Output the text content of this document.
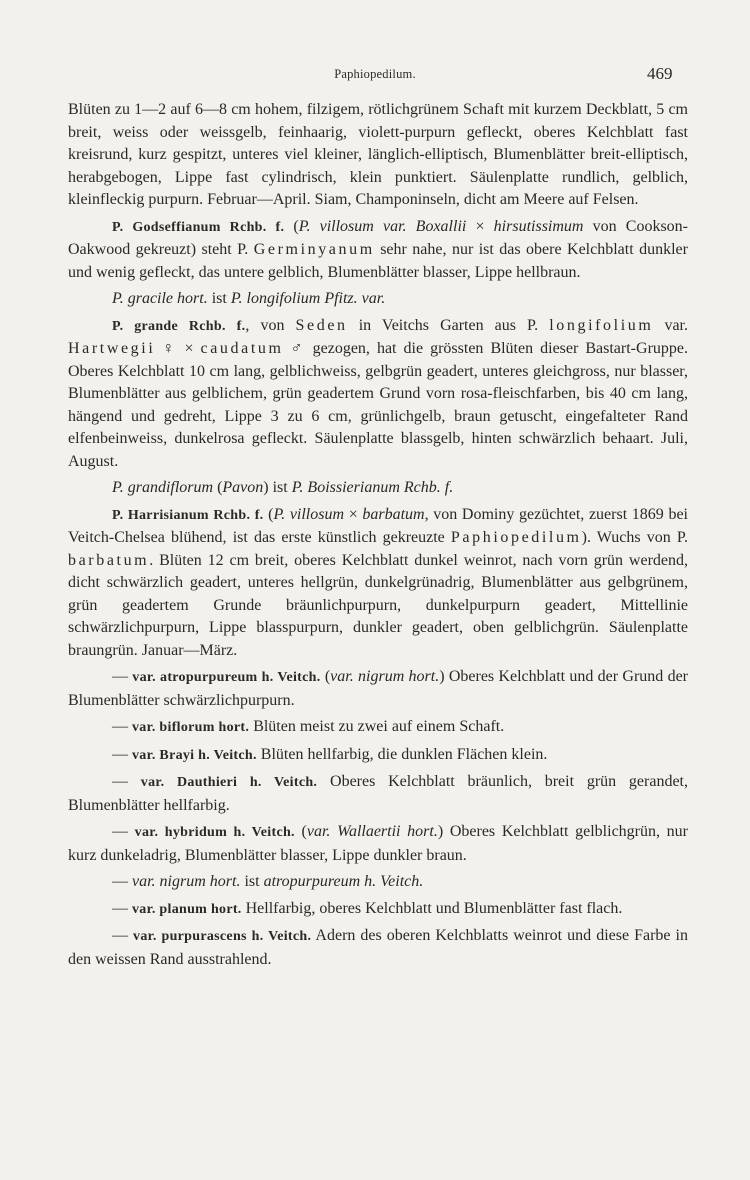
Paphiopedilum.	469

Blüten zu 1—2 auf 6—8 cm hohem, filzigem, rötlichgrünem Schaft mit kurzem Deckblatt, 5 cm breit, weiss oder weissgelb, feinhaarig, violett-purpurn gefleckt, oberes Kelchblatt fast kreisrund, kurz gespitzt, unteres viel kleiner, länglich-elliptisch, Blumenblätter breit-elliptisch, herabgebogen, Lippe fast cylindrisch, klein punktiert. Säulenplatte rundlich, gelblich, kleinfleckig purpurn. Februar—April. Siam, Champoninseln, dicht am Meere auf Felsen.

P. Godseffianum Rchb. f. (P. villosum var. Boxallii × hirsutissimum von Cookson-Oakwood gekreuzt) steht P. Germinyanum sehr nahe, nur ist das obere Kelchblatt dunkler und wenig gefleckt, das untere gelblich, Blumenblätter blasser, Lippe hellbraun.

P. gracile hort. ist P. longifolium Pfitz. var.

P. grande Rchb. f., von Seden in Veitchs Garten aus P. longifolium var. Hartwegii ♀ × caudatum ♂ gezogen, hat die grössten Blüten dieser Bastart-Gruppe. Oberes Kelchblatt 10 cm lang, gelblichweiss, gelbgrün geadert, unteres gleichgross, nur blasser, Blumenblätter aus gelblichem, grün geadertem Grund vorn rosa-fleischfarben, bis 40 cm lang, hängend und gedreht, Lippe 3 zu 6 cm, grünlichgelb, braun getuscht, eingefalteter Rand elfenbeinweiss, dunkelrosa gefleckt. Säulenplatte blassgelb, hinten schwärzlich behaart. Juli, August.

P. grandiflorum (Pavon) ist P. Boissierianum Rchb. f.

P. Harrisianum Rchb. f. (P. villosum × barbatum, von Dominy gezüchtet, zuerst 1869 bei Veitch-Chelsea blühend, ist das erste künstlich gekreuzte Paphiopedilum). Wuchs von P. barbatum. Blüten 12 cm breit, oberes Kelchblatt dunkel weinrot, nach vorn grün werdend, dicht schwärzlich geadert, unteres hellgrün, dunkelgrünadrig, Blumenblätter aus gelbgrünem, grün geadertem Grunde bräunlichpurpurn, dunkelpurpurn geadert, Mittellinie schwärzlichpurpurn, Lippe blasspurpurn, dunkler geadert, oben gelblichgrün. Säulenplatte braungrün. Januar—März.

— var. atropurpureum h. Veitch. (var. nigrum hort.) Oberes Kelchblatt und der Grund der Blumenblätter schwärzlichpurpurn.

— var. biflorum hort. Blüten meist zu zwei auf einem Schaft.

— var. Brayi h. Veitch. Blüten hellfarbig, die dunklen Flächen klein.

— var. Dauthieri h. Veitch. Oberes Kelchblatt bräunlich, breit grün gerandet, Blumenblätter hellfarbig.

— var. hybridum h. Veitch. (var. Wallaertii hort.) Oberes Kelchblatt gelblichgrün, nur kurz dunkeladrig, Blumenblätter blasser, Lippe dunkler braun.

— var. nigrum hort. ist atropurpureum h. Veitch.

— var. planum hort. Hellfarbig, oberes Kelchblatt und Blumenblätter fast flach.

— var. purpurascens h. Veitch. Adern des oberen Kelchblatts weinrot und diese Farbe in den weissen Rand ausstrahlend.
